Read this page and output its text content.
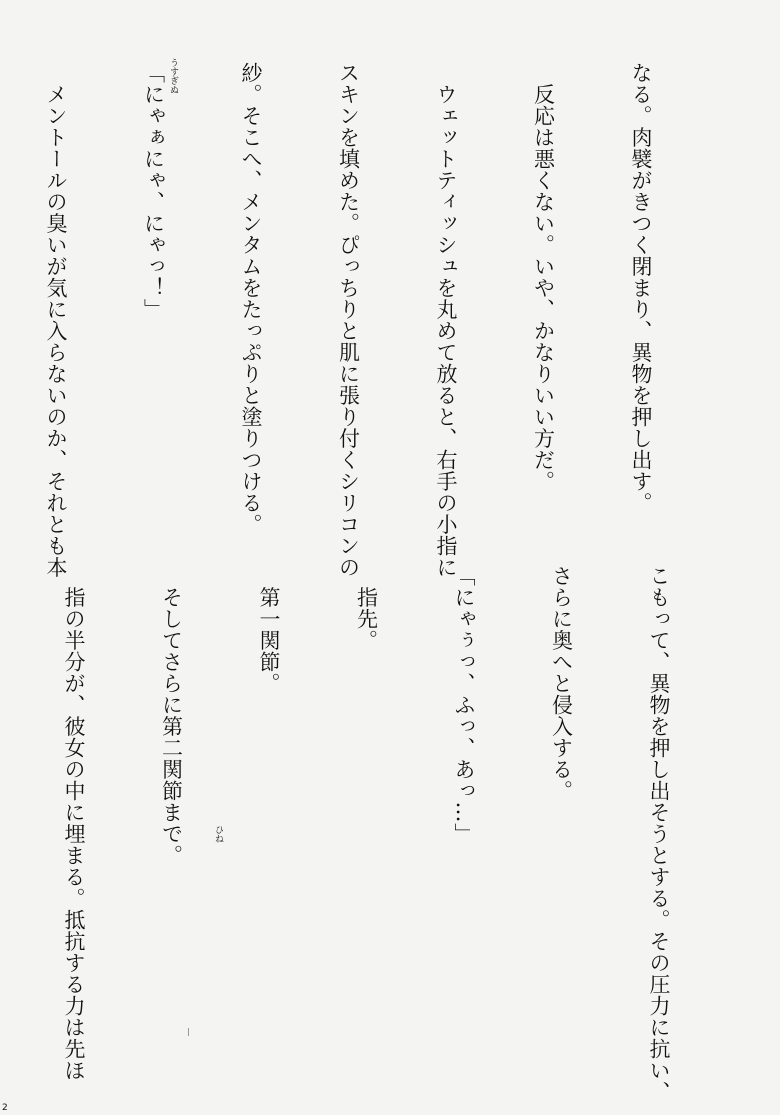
なる。肉襞がきつく閉まり、異物を押し出す。

　反応は悪くない。いや、かなりいい方だ。

　ウェットティッシュを丸めて放ると、右手の小指に

スキンを填めた。ぴっちりと肌に張り付くシリコンの

紗。そこへ、メンタムをたっぷりと塗りつける。

「にゃぁにゃ、にゃっ！」

　メントールの臭いが気に入らないのか、それとも本

こもって、異物を押し出そうとする。その圧力に抗い、

さらに奥へと侵入する。

「にゃぅっ、ふっ、あっ…」

　指先。

　第一関節。

　そしてさらに第二関節まで。

　指の半分が、彼女の中に埋まる。抵抗する力は先ほ

うすぎぬ
ひね
2
